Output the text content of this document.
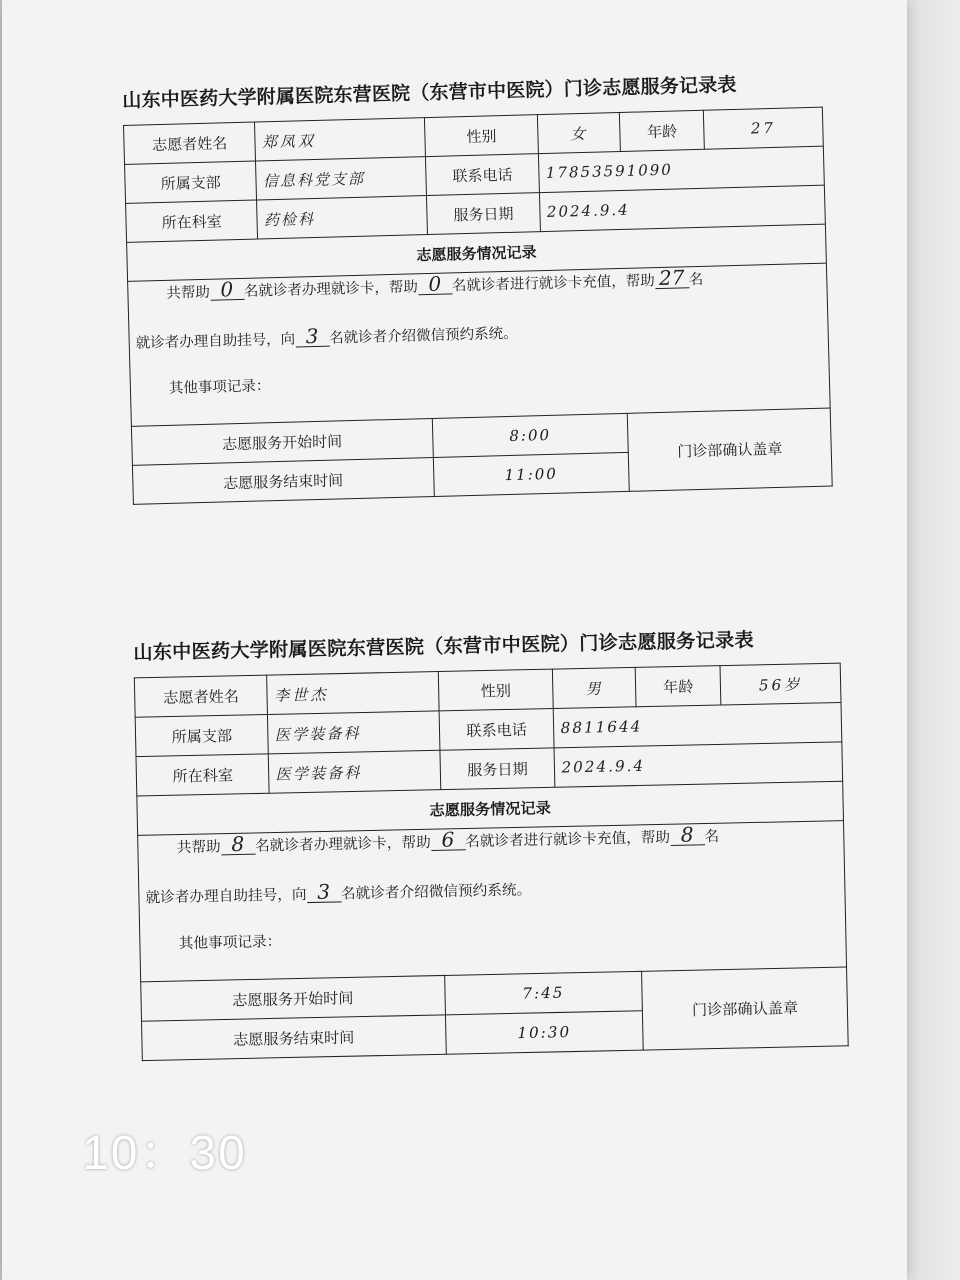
山东中医药大学附属医院东营医院（东营市中医院）门诊志愿服务记录表
志愿者姓名	郑凤双	性别	女	年龄	27
所属支部	信息科党支部	联系电话	17853591090		
所在科室	药检科	服务日期	2024.9.4		
志愿服务情况记录					

共帮助 0 名就诊者办理就诊卡，帮助 0 名就诊者进行就诊卡充值，帮助 27 名
就诊者办理自助挂号，向 3 名就诊者介绍微信预约系统。
其他事项记录：					

志愿服务开始时间		8:00		门诊部确认盖章	
志愿服务结束时间		11:00			
山东中医药大学附属医院东营医院（东营市中医院）门诊志愿服务记录表
志愿者姓名	李世杰	性别	男	年龄	56岁
所属支部	医学装备科	联系电话	8811644		
所在科室	医学装备科	服务日期	2024.9.4		
志愿服务情况记录					

共帮助 8 名就诊者办理就诊卡，帮助 6 名就诊者进行就诊卡充值，帮助 8 名
就诊者办理自助挂号，向 3 名就诊者介绍微信预约系统。
其他事项记录：					

志愿服务开始时间		7:45		门诊部确认盖章	
志愿服务结束时间		10:30			
10：30
